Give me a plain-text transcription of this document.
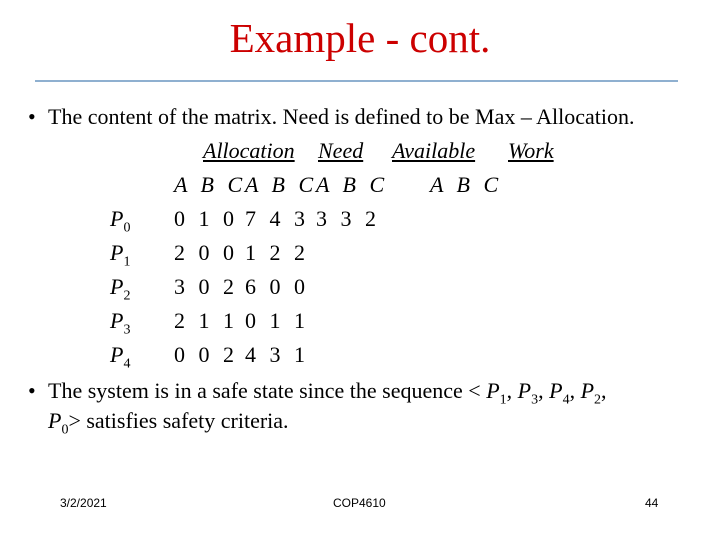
Example - cont.
• The content of the matrix. Need is defined to be Max – Allocation.
Allocation Need Available Work
A B C
A B C
A B C A B C
$P_0$ 0 1 0 7 4 3 3 3 2
$P_1$ 2 0 0 1 2 2
$P_2$ 3 0 2 6 0 0
$P_3$ 2 1 1 0 1 1
$P_4$ 0 0 2 4 3 1
• The system is in a safe state since the sequence < $P_1$, $P_3$, $P_4$, $P_2$,
$P_0>$ satisfies safety criteria.
3/2/2021	COP4610	44
